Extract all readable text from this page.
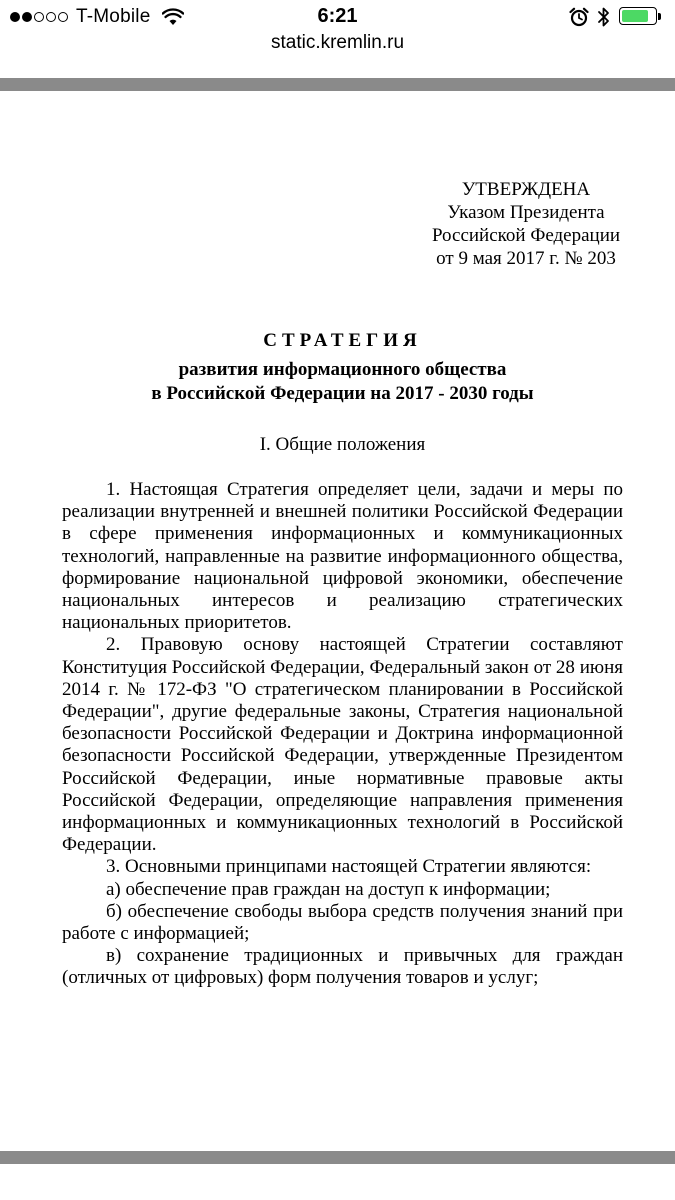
T-Mobile	6:21
static.kremlin.ru
УТВЕРЖДЕНА
Указом Президента
Российской Федерации
от 9 мая 2017 г. № 203
СТРАТЕГИЯ
развития информационного общества
в Российской Федерации на 2017 - 2030 годы
I. Общие положения

1. Настоящая Стратегия определяет цели, задачи и меры по реализации внутренней и внешней политики Российской Федерации в сфере применения информационных и коммуникационных технологий, направленные на развитие информационного общества, формирование национальной цифровой экономики, обеспечение национальных интересов и реализацию стратегических национальных приоритетов.

2. Правовую основу настоящей Стратегии составляют Конституция Российской Федерации, Федеральный закон от 28 июня 2014 г. № 172-ФЗ "О стратегическом планировании в Российской Федерации", другие федеральные законы, Стратегия национальной безопасности Российской Федерации и Доктрина информационной безопасности Российской Федерации, утвержденные Президентом Российской Федерации, иные нормативные правовые акты Российской Федерации, определяющие направления применения информационных и коммуникационных технологий в Российской Федерации.

3. Основными принципами настоящей Стратегии являются:

а) обеспечение прав граждан на доступ к информации;

б) обеспечение свободы выбора средств получения знаний при работе с информацией;

в) сохранение традиционных и привычных для граждан (отличных от цифровых) форм получения товаров и услуг;
